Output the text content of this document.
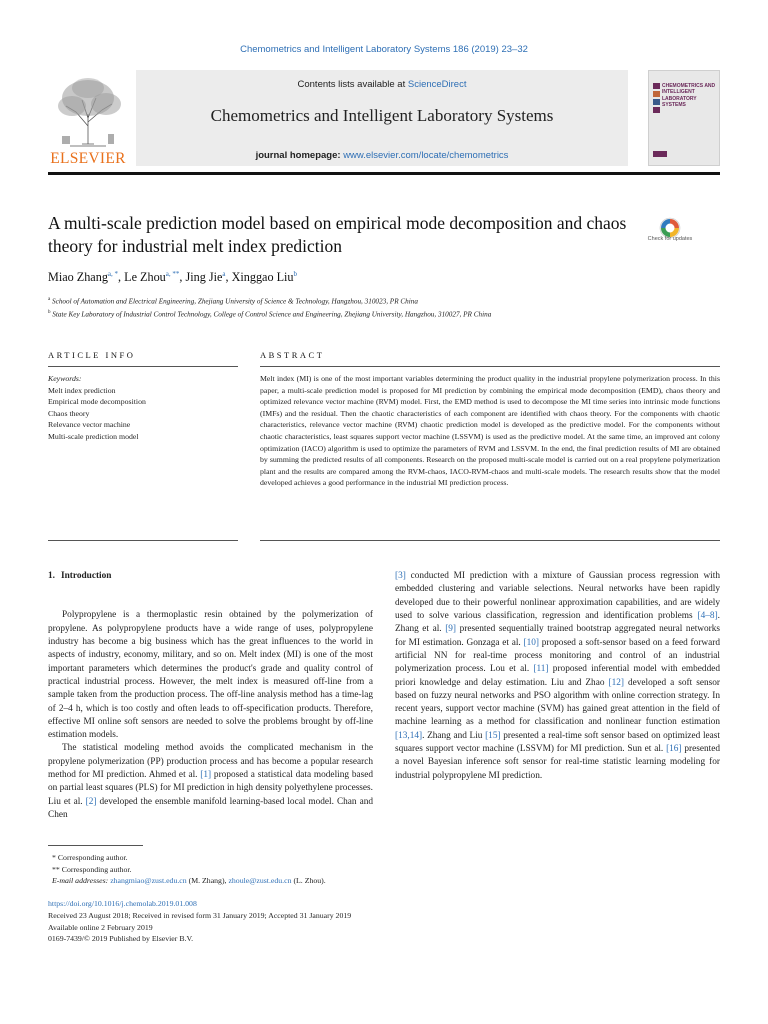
Chemometrics and Intelligent Laboratory Systems 186 (2019) 23–32
ELSEVIER
Contents lists available at ScienceDirect
Chemometrics and Intelligent Laboratory Systems
journal homepage: www.elsevier.com/locate/chemometrics
CHEMOMETRICS AND INTELLIGENT LABORATORY SYSTEMS
A multi-scale prediction model based on empirical mode decomposition and chaos theory for industrial melt index prediction	Check for updates
Miao Zhang$^{a, *}$, Le Zhou$^{a, **}$, Jing Jie$^a$, Xinggao Liu$^b$
$^a$ School of Automation and Electrical Engineering, Zhejiang University of Science & Technology, Hangzhou, 310023, PR China
$^b$ State Key Laboratory of Industrial Control Technology, College of Control Science and Engineering, Zhejiang University, Hangzhou, 310027, PR China
ARTICLE INFO	ABSTRACT
Keywords:
Melt index prediction
Empirical mode decomposition
Chaos theory
Relevance vector machine
Multi-scale prediction model
Melt index (MI) is one of the most important variables determining the product quality in the industrial propylene polymerization process. In this paper, a multi-scale prediction model is proposed for MI prediction by combining the empirical mode decomposition (EMD), chaos theory and optimized relevance vector machine (RVM) model. First, the EMD method is used to decompose the MI time series into intrinsic mode functions (IMFs) and the residual. Then the chaotic characteristics of each component are identified with chaos theory. For the components with chaotic characteristics, relevance vector machine (RVM) chaotic prediction model is developed as the predictive model. For the components without chaotic characteristics, least squares support vector machine (LSSVM) is used as the predictive model. At the same time, an improved ant colony optimization (IACO) algorithm is used to optimize the parameters of RVM and LSSVM. In the end, the final prediction results of MI are obtained by summing the predicted results of all components. Research on the proposed multi-scale model is carried out on a real propylene polymerization plant and the results are compared among the RVM-chaos, IACO-RVM-chaos and multi-scale models. The research results show that the model developed achieves a good performance in the industrial MI prediction process.
1. Introduction

Polypropylene is a thermoplastic resin obtained by the polymerization of propylene. As polypropylene products have a wide range of uses, polypropylene industry has become a big business which has the great influences to the world in aspects of industry, economy, military, and so on. Melt index (MI) is one of the most important parameters which determines the product's grade and quality control of practical industrial process. However, the melt index is measured off-line from a sample taken from the production process. The off-line analysis method has a time-lag of 2–4 h, which is too costly and often leads to off-specification products. Therefore, effective MI online soft sensors are needed to solve the problems brought by off-line estimation models.

The statistical modeling method avoids the complicated mechanism in the propylene polymerization (PP) production process and has become a popular research method for MI prediction. Ahmed et al. [1] proposed a statistical data modeling based on partial least squares (PLS) for MI prediction in high density polyethylene processes. Liu et al. [2] developed the ensemble manifold learning-based local model. Chan and Chen

[3] conducted MI prediction with a mixture of Gaussian process regression with embedded clustering and variable selections. Neural networks have been rapidly developed due to their powerful nonlinear approximation capabilities, and are widely used to solve various classification, regression and identification problems [4–8]. Zhang et al. [9] presented sequentially trained bootstrap aggregated neural networks for MI estimation. Gonzaga et al. [10] proposed a soft-sensor based on a feed forward artificial NN for real-time process monitoring and control of an industrial polymerization process. Lou et al. [11] proposed inferential model with embedded priori knowledge and delay estimation. Liu and Zhao [12] developed a soft sensor based on fuzzy neural networks and PSO algorithm with online correction strategy. In recent years, support vector machine (SVM) has gained great attention in the field of machine learning as a method for classification and nonlinear function estimation [13,14]. Zhang and Liu [15] presented a real-time soft sensor based on optimized least squares support vector machine (LSSVM) for MI prediction. Sun et al. [16] presented a novel Bayesian inference soft sensor for real-time statistic learning modeling for industrial polypropylene MI prediction.

* Corresponding author.
** Corresponding author.
E-mail addresses: zhangmiao@zust.edu.cn (M. Zhang), zhoule@zust.edu.cn (L. Zhou).
https://doi.org/10.1016/j.chemolab.2019.01.008
Received 23 August 2018; Received in revised form 31 January 2019; Accepted 31 January 2019
Available online 2 February 2019
0169-7439/© 2019 Published by Elsevier B.V.
